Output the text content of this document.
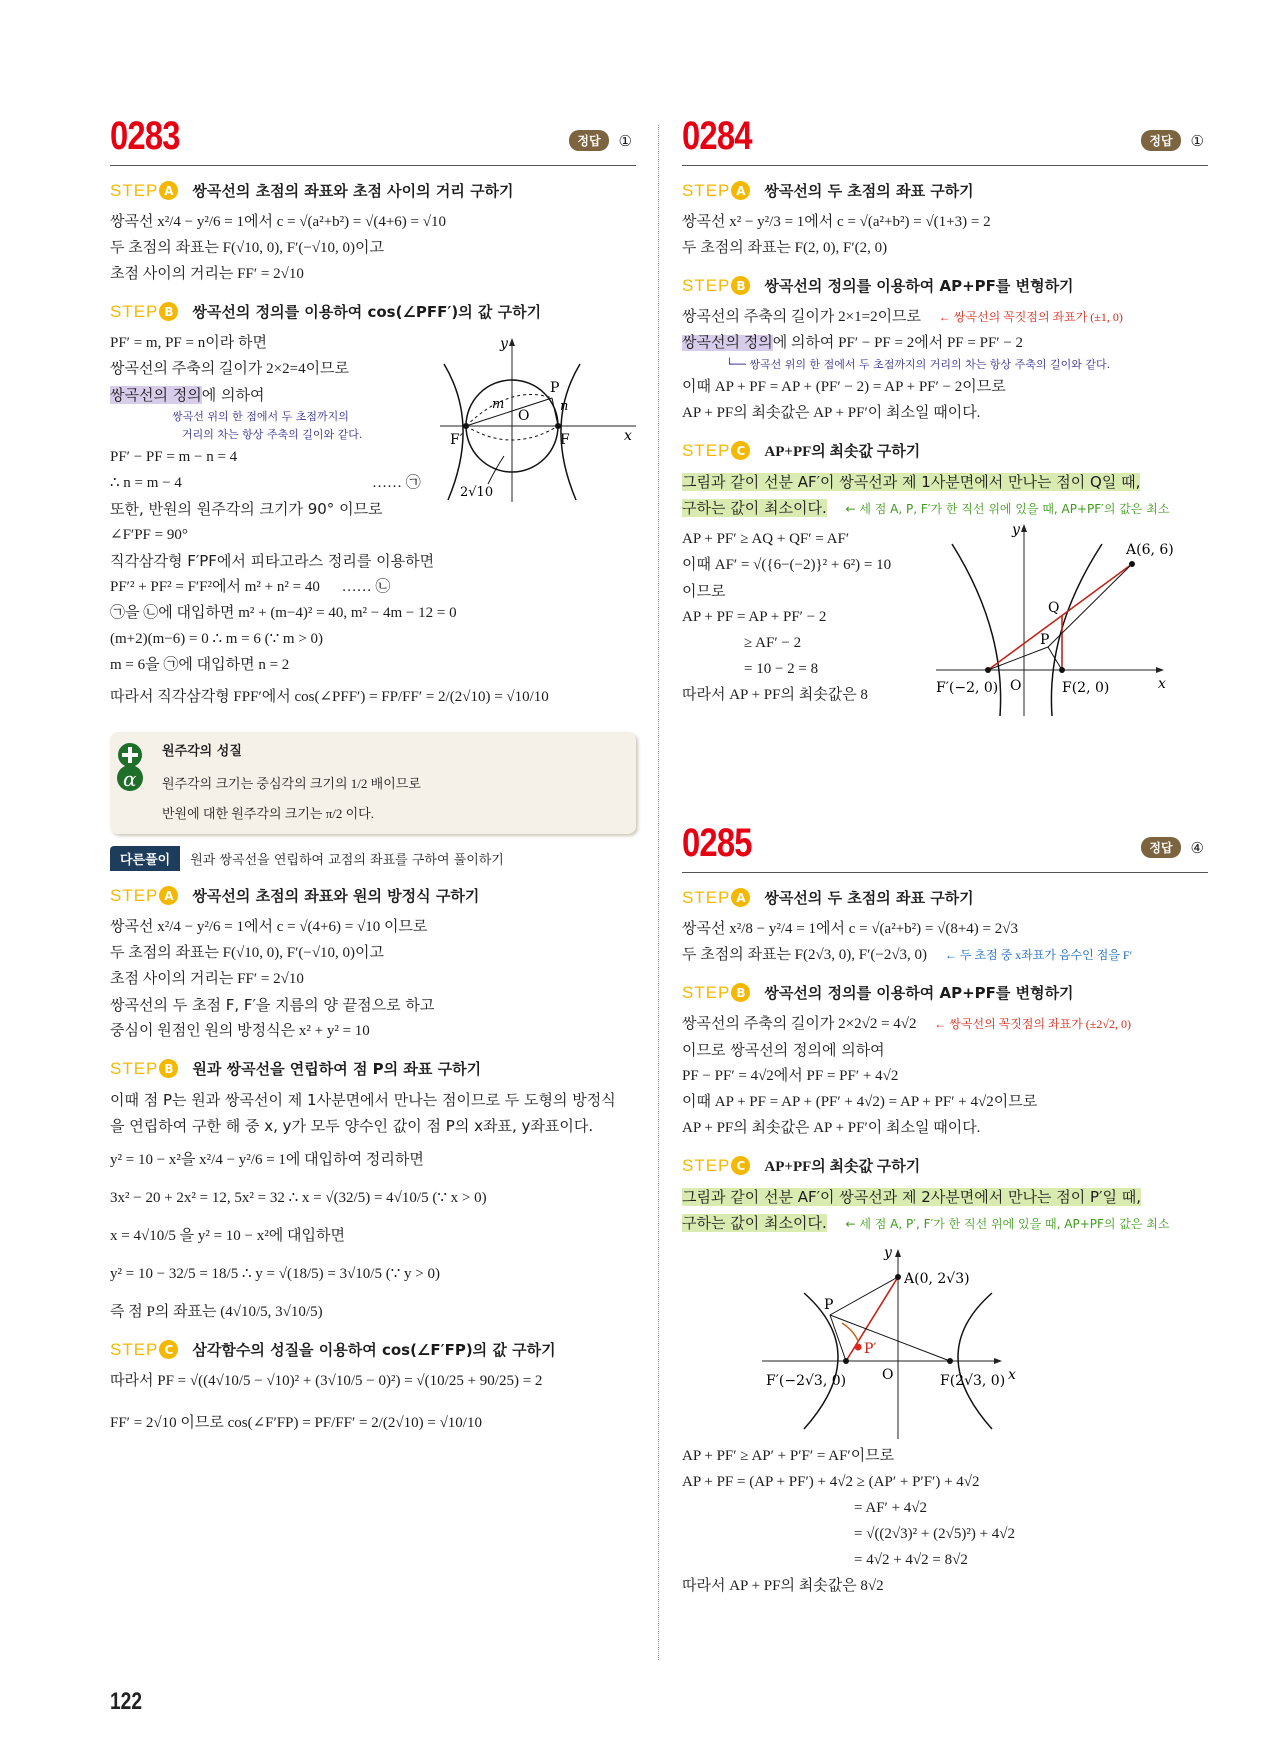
0283	정답	①
STEP A	쌍곡선의 초점의 좌표와 초점 사이의 거리 구하기
쌍곡선 x²/4 − y²/6 = 1에서 c = √(a²+b²) = √(4+6) = √10
두 초점의 좌표는 F(√10, 0), F′(−√10, 0)이고
초점 사이의 거리는 FF′ = 2√10
STEP B	쌍곡선의 정의를 이용하여 cos(∠PFF′)의 값 구하기
PF′ = m, PF = n이라 하면
쌍곡선의 주축의 길이가 2×2=4이므로
쌍곡선의 정의에 의하여
쌍곡선 위의 한 점에서 두 초점까지의
거리의 차는 항상 주축의 길이와 같다.
PF′ − PF = m − n = 4
∴ n = m − 4	…… ㉠
y
P
m	n
O
F′	F	x
2√10
또한, 반원의 원주각의 크기가 90° 이므로
∠F′PF = 90°
직각삼각형 F′PF에서 피타고라스 정리를 이용하면
PF′² + PF² = F′F²에서 m² + n² = 40 …… ㉡
㉠을 ㉡에 대입하면 m² + (m−4)² = 40, m² − 4m − 12 = 0
(m+2)(m−6) = 0 ∴ m = 6 (∵ m > 0)
m = 6을 ㉠에 대입하면 n = 2
따라서 직각삼각형 FPF′에서 cos(∠PFF′) = FP/FF′ = 2/(2√10) = √10/10
α
원주각의 성질
원주각의 크기는 중심각의 크기의 1/2 배이므로
반원에 대한 원주각의 크기는 π/2 이다.
다른풀이	원과 쌍곡선을 연립하여 교점의 좌표를 구하여 풀이하기
STEP A	쌍곡선의 초점의 좌표와 원의 방정식 구하기
쌍곡선 x²/4 − y²/6 = 1에서 c = √(4+6) = √10 이므로
두 초점의 좌표는 F(√10, 0), F′(−√10, 0)이고
초점 사이의 거리는 FF′ = 2√10
쌍곡선의 두 초점 F, F′을 지름의 양 끝점으로 하고
중심이 원점인 원의 방정식은 x² + y² = 10
STEP B	원과 쌍곡선을 연립하여 점 P의 좌표 구하기
이때 점 P는 원과 쌍곡선이 제 1사분면에서 만나는 점이므로 두 도형의 방정식
을 연립하여 구한 해 중 x, y가 모두 양수인 값이 점 P의 x좌표, y좌표이다.
y² = 10 − x²을 x²/4 − y²/6 = 1에 대입하여 정리하면
3x² − 20 + 2x² = 12, 5x² = 32 ∴ x = √(32/5) = 4√10/5 (∵ x > 0)
x = 4√10/5 을 y² = 10 − x²에 대입하면
y² = 10 − 32/5 = 18/5 ∴ y = √(18/5) = 3√10/5 (∵ y > 0)
즉 점 P의 좌표는 (4√10/5, 3√10/5)
STEP C	삼각함수의 성질을 이용하여 cos(∠F′FP)의 값 구하기
따라서 PF = √((4√10/5 − √10)² + (3√10/5 − 0)²) = √(10/25 + 90/25) = 2
FF′ = 2√10 이므로 cos(∠F′FP) = PF/FF′ = 2/(2√10) = √10/10
122
0284	정답	①
STEP A	쌍곡선의 두 초점의 좌표 구하기
쌍곡선 x² − y²/3 = 1에서 c = √(a²+b²) = √(1+3) = 2
두 초점의 좌표는 F(2, 0), F′(2, 0)
STEP B	쌍곡선의 정의를 이용하여 AP+PF를 변형하기
쌍곡선의 주축의 길이가 2×1=2이므로 ← 쌍곡선의 꼭짓점의 좌표가 (±1, 0)
쌍곡선의 정의에 의하여 PF′ − PF = 2에서 PF = PF′ − 2
└── 쌍곡선 위의 한 점에서 두 초점까지의 거리의 차는 항상 주축의 길이와 같다.
이때 AP + PF = AP + (PF′ − 2) = AP + PF′ − 2이므로
AP + PF의 최솟값은 AP + PF′이 최소일 때이다.
STEP C	AP+PF의 최솟값 구하기
그림과 같이 선분 AF′이 쌍곡선과 제 1사분면에서 만나는 점이 Q일 때,
구하는 값이 최소이다. ← 세 점 A, P, F′가 한 직선 위에 있을 때, AP+PF′의 값은 최소
AP + PF′ ≥ AQ + QF′ = AF′
이때 AF′ = √({6−(−2)}² + 6²) = 10
이므로
AP + PF = AP + PF′ − 2
≥ AF′ − 2
= 10 − 2 = 8
따라서 AP + PF의 최솟값은 8
y
A(6, 6)
Q
P
F′(−2, 0) O	F(2, 0)	x
0285	정답	④
STEP A	쌍곡선의 두 초점의 좌표 구하기
쌍곡선 x²/8 − y²/4 = 1에서 c = √(a²+b²) = √(8+4) = 2√3
두 초점의 좌표는 F(2√3, 0), F′(−2√3, 0) ← 두 초점 중 x좌표가 음수인 점을 F′
STEP B	쌍곡선의 정의를 이용하여 AP+PF를 변형하기
쌍곡선의 주축의 길이가 2×2√2 = 4√2 ← 쌍곡선의 꼭짓점의 좌표가 (±2√2, 0)
이므로 쌍곡선의 정의에 의하여
PF − PF′ = 4√2에서 PF = PF′ + 4√2
이때 AP + PF = AP + (PF′ + 4√2) = AP + PF′ + 4√2이므로
AP + PF의 최솟값은 AP + PF′이 최소일 때이다.
STEP C	AP+PF의 최솟값 구하기
그림과 같이 선분 AF′이 쌍곡선과 제 2사분면에서 만나는 점이 P′일 때,
구하는 값이 최소이다. ← 세 점 A, P′, F′가 한 직선 위에 있을 때, AP+PF의 값은 최소
y
A(0, 2√3)
P
P′
F′(−2√3, 0)	O	F(2√3, 0) x
AP + PF′ ≥ AP′ + P′F′ = AF′이므로
AP + PF = (AP + PF′) + 4√2 ≥ (AP′ + P′F′) + 4√2
= AF′ + 4√2
= √((2√3)² + (2√5)²) + 4√2
= 4√2 + 4√2 = 8√2
따라서 AP + PF의 최솟값은 8√2
